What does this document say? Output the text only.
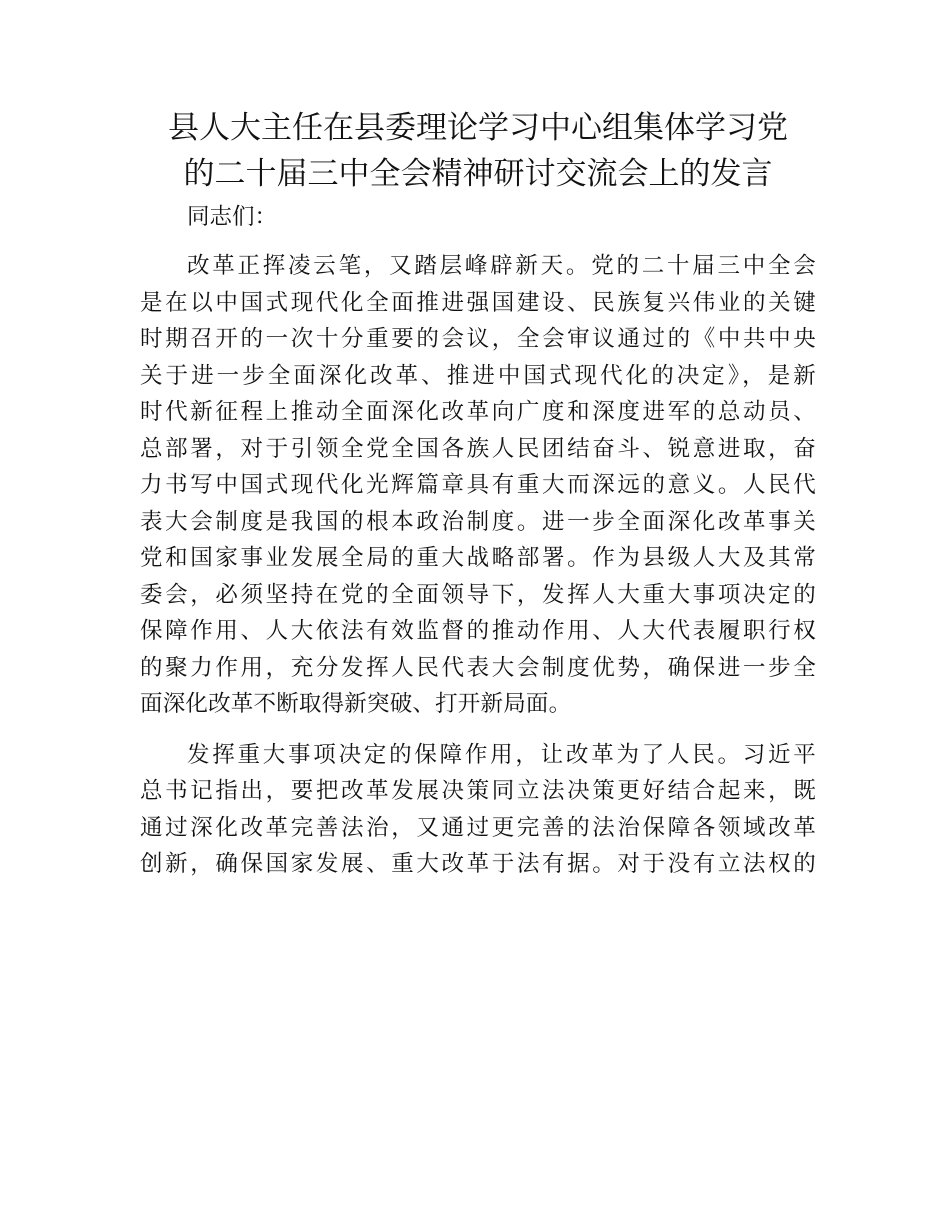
县人大主任在县委理论学习中心组集体学习党
的二十届三中全会精神研讨交流会上的发言

同志们：

改革正挥凌云笔，又踏层峰辟新天。党的二十届三中全会
是在以中国式现代化全面推进强国建设、民族复兴伟业的关键
时期召开的一次十分重要的会议，全会审议通过的《中共中央
关于进一步全面深化改革、推进中国式现代化的决定》，是新
时代新征程上推动全面深化改革向广度和深度进军的总动员、
总部署，对于引领全党全国各族人民团结奋斗、锐意进取，奋
力书写中国式现代化光辉篇章具有重大而深远的意义。人民代
表大会制度是我国的根本政治制度。进一步全面深化改革事关
党和国家事业发展全局的重大战略部署。作为县级人大及其常
委会，必须坚持在党的全面领导下，发挥人大重大事项决定的
保障作用、人大依法有效监督的推动作用、人大代表履职行权
的聚力作用，充分发挥人民代表大会制度优势，确保进一步全
面深化改革不断取得新突破、打开新局面。
发挥重大事项决定的保障作用，让改革为了人民。习近平
总书记指出，要把改革发展决策同立法决策更好结合起来，既
通过深化改革完善法治，又通过更完善的法治保障各领域改革
创新，确保国家发展、重大改革于法有据。对于没有立法权的
